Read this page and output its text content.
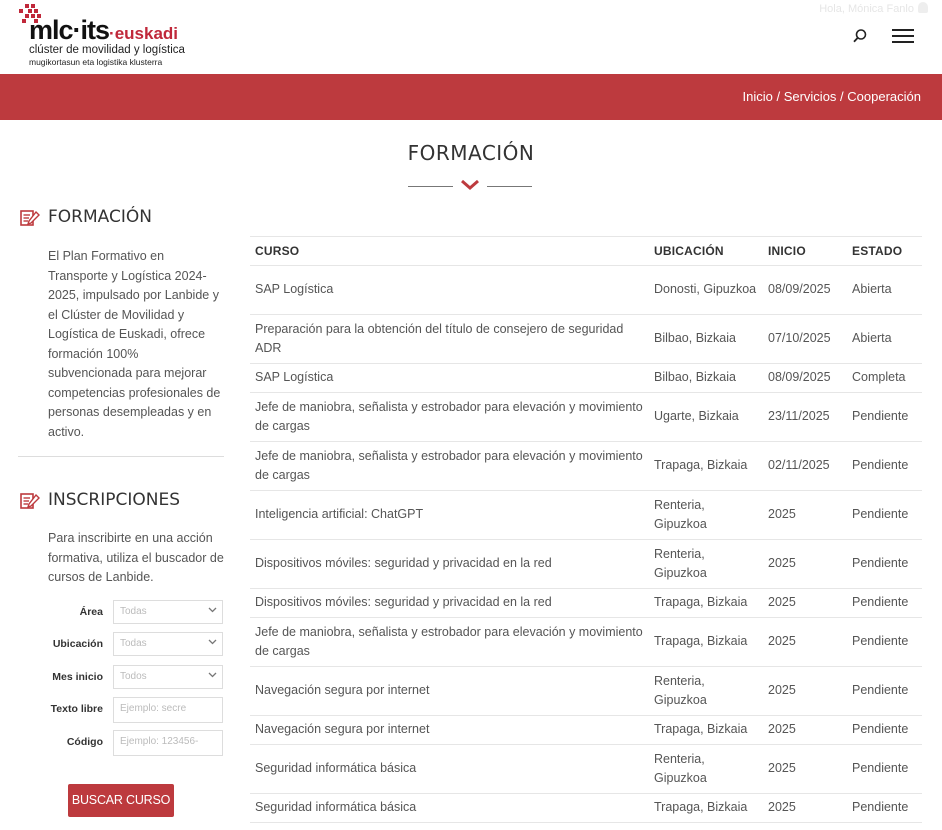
mlc·its·euskadi
clúster de movilidad y logística
mugikortasun eta logistika klusterra
Hola, Mónica Fanlo
Inicio / Servicios / Cooperación
FORMACIÓN
FORMACIÓN

El Plan Formativo en Transporte y Logística 2024-2025, impulsado por Lanbide y el Clúster de Movilidad y Logística de Euskadi, ofrece formación 100% subvencionada para mejorar competencias profesionales de personas desempleadas y en activo.

INSCRIPCIONES

Para inscribirte en una acción formativa, utiliza el buscador de cursos de Lanbide.

Área	Todas
Ubicación	Todas
Mes inicio	Todos
Texto libre	Ejemplo: secre
Código	Ejemplo: 123456-
BUSCAR CURSO
CURSO	UBICACIÓN	INICIO	ESTADO
SAP Logística	Donosti, Gipuzkoa	08/09/2025	Abierta
Preparación para la obtención del título de consejero de seguridad ADR	Bilbao, Bizkaia	07/10/2025	Abierta
SAP Logística	Bilbao, Bizkaia	08/09/2025	Completa
Jefe de maniobra, señalista y estrobador para elevación y movimiento de cargas	Ugarte, Bizkaia	23/11/2025	Pendiente
Jefe de maniobra, señalista y estrobador para elevación y movimiento de cargas	Trapaga, Bizkaia	02/11/2025	Pendiente
Inteligencia artificial: ChatGPT	Renteria, Gipuzkoa	2025	Pendiente
Dispositivos móviles: seguridad y privacidad en la red	Renteria, Gipuzkoa	2025	Pendiente
Dispositivos móviles: seguridad y privacidad en la red	Trapaga, Bizkaia	2025	Pendiente
Jefe de maniobra, señalista y estrobador para elevación y movimiento de cargas	Trapaga, Bizkaia	2025	Pendiente
Navegación segura por internet	Renteria, Gipuzkoa	2025	Pendiente
Navegación segura por internet	Trapaga, Bizkaia	2025	Pendiente
Seguridad informática básica	Renteria, Gipuzkoa	2025	Pendiente
Seguridad informática básica	Trapaga, Bizkaia	2025	Pendiente
